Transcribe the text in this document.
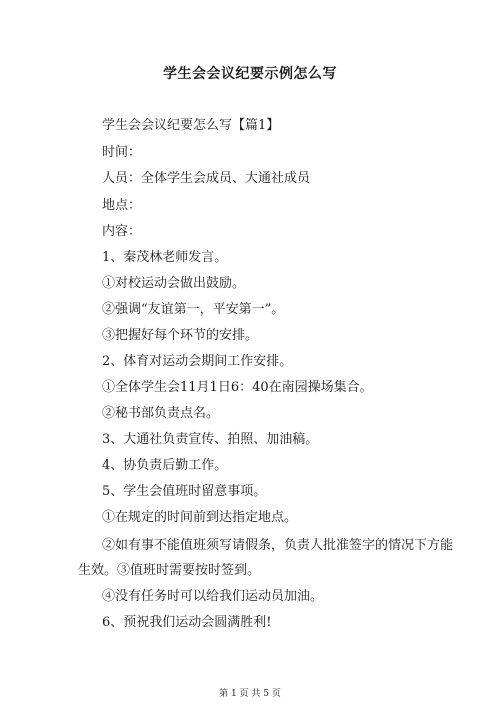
学生会会议纪要示例怎么写
学生会会议纪要怎么写【篇1】
时间：
人员：全体学生会成员、大通社成员
地点：
内容：
1、秦茂林老师发言。
①对校运动会做出鼓励。
②强调“友谊第一，平安第一”。
③把握好每个环节的安排。
2、体育对运动会期间工作安排。
①全体学生会11月1日6：40在南园操场集合。
②秘书部负责点名。
3、大通社负责宣传、拍照、加油稿。
4、协负责后勤工作。
5、学生会值班时留意事项。
①在规定的时间前到达指定地点。
②如有事不能值班须写请假条，负责人批准签字的情况下方能
生效。③值班时需要按时签到。
④没有任务时可以给我们运动员加油。
6、预祝我们运动会圆满胜利!
第 1 页 共 5 页
